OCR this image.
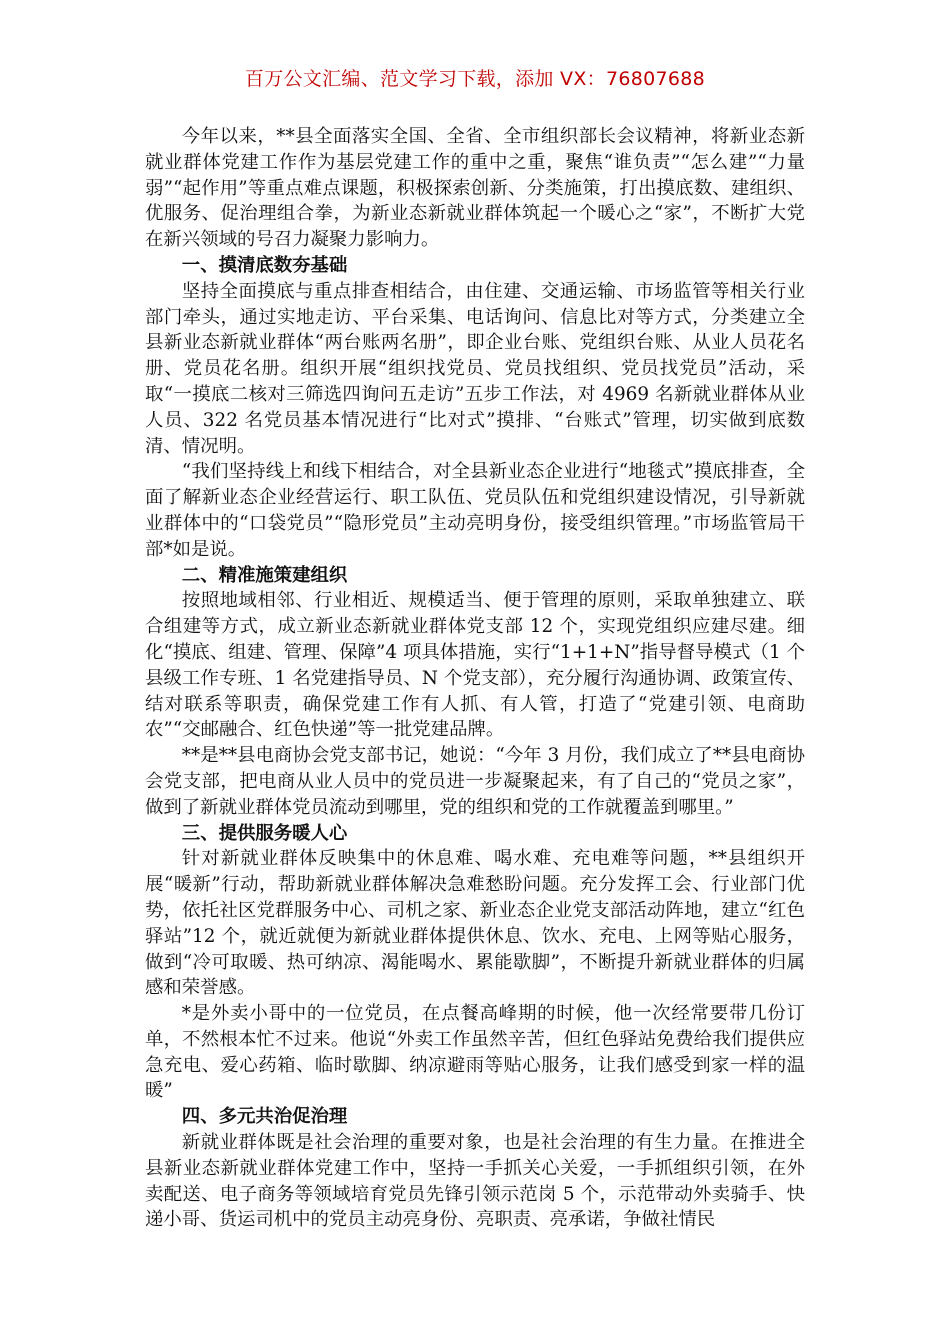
百万公文汇编、范文学习下载，添加 VX：76807688

今年以来，**县全面落实全国、全省、全市组织部长会议精神，将新业态新就业群体党建工作作为基层党建工作的重中之重，聚焦“谁负责”“怎么建”“力量弱”“起作用”等重点难点课题，积极探索创新、分类施策，打出摸底数、建组织、优服务、促治理组合拳，为新业态新就业群体筑起一个暖心之“家”，不断扩大党在新兴领域的号召力凝聚力影响力。

一、摸清底数夯基础

坚持全面摸底与重点排查相结合，由住建、交通运输、市场监管等相关行业部门牵头，通过实地走访、平台采集、电话询问、信息比对等方式，分类建立全县新业态新就业群体“两台账两名册”，即企业台账、党组织台账、从业人员花名册、党员花名册。组织开展“组织找党员、党员找组织、党员找党员”活动，采取“一摸底二核对三筛选四询问五走访”五步工作法，对 4969 名新就业群体从业人员、322 名党员基本情况进行“比对式”摸排、“台账式”管理，切实做到底数清、情况明。

“我们坚持线上和线下相结合，对全县新业态企业进行“地毯式”摸底排查，全面了解新业态企业经营运行、职工队伍、党员队伍和党组织建设情况，引导新就业群体中的“口袋党员”“隐形党员”主动亮明身份，接受组织管理。”市场监管局干部*如是说。

二、精准施策建组织

按照地域相邻、行业相近、规模适当、便于管理的原则，采取单独建立、联合组建等方式，成立新业态新就业群体党支部 12 个，实现党组织应建尽建。细化“摸底、组建、管理、保障”4 项具体措施，实行“1+1+N”指导督导模式（1 个县级工作专班、1 名党建指导员、N 个党支部），充分履行沟通协调、政策宣传、结对联系等职责，确保党建工作有人抓、有人管，打造了“党建引领、电商助农”“交邮融合、红色快递”等一批党建品牌。

**是**县电商协会党支部书记，她说：“今年 3 月份，我们成立了**县电商协会党支部，把电商从业人员中的党员进一步凝聚起来，有了自己的“党员之家”，做到了新就业群体党员流动到哪里，党的组织和党的工作就覆盖到哪里。”

三、提供服务暖人心

针对新就业群体反映集中的休息难、喝水难、充电难等问题，**县组织开展“暖新”行动，帮助新就业群体解决急难愁盼问题。充分发挥工会、行业部门优势，依托社区党群服务中心、司机之家、新业态企业党支部活动阵地，建立“红色驿站”12 个，就近就便为新就业群体提供休息、饮水、充电、上网等贴心服务，做到“冷可取暖、热可纳凉、渴能喝水、累能歇脚”，不断提升新就业群体的归属感和荣誉感。

*是外卖小哥中的一位党员，在点餐高峰期的时候，他一次经常要带几份订单，不然根本忙不过来。他说“外卖工作虽然辛苦，但红色驿站免费给我们提供应急充电、爱心药箱、临时歇脚、纳凉避雨等贴心服务，让我们感受到家一样的温暖”

四、多元共治促治理

新就业群体既是社会治理的重要对象，也是社会治理的有生力量。在推进全县新业态新就业群体党建工作中，坚持一手抓关心关爱，一手抓组织引领，在外卖配送、电子商务等领域培育党员先锋引领示范岗 5 个，示范带动外卖骑手、快递小哥、货运司机中的党员主动亮身份、亮职责、亮承诺，争做社情民
